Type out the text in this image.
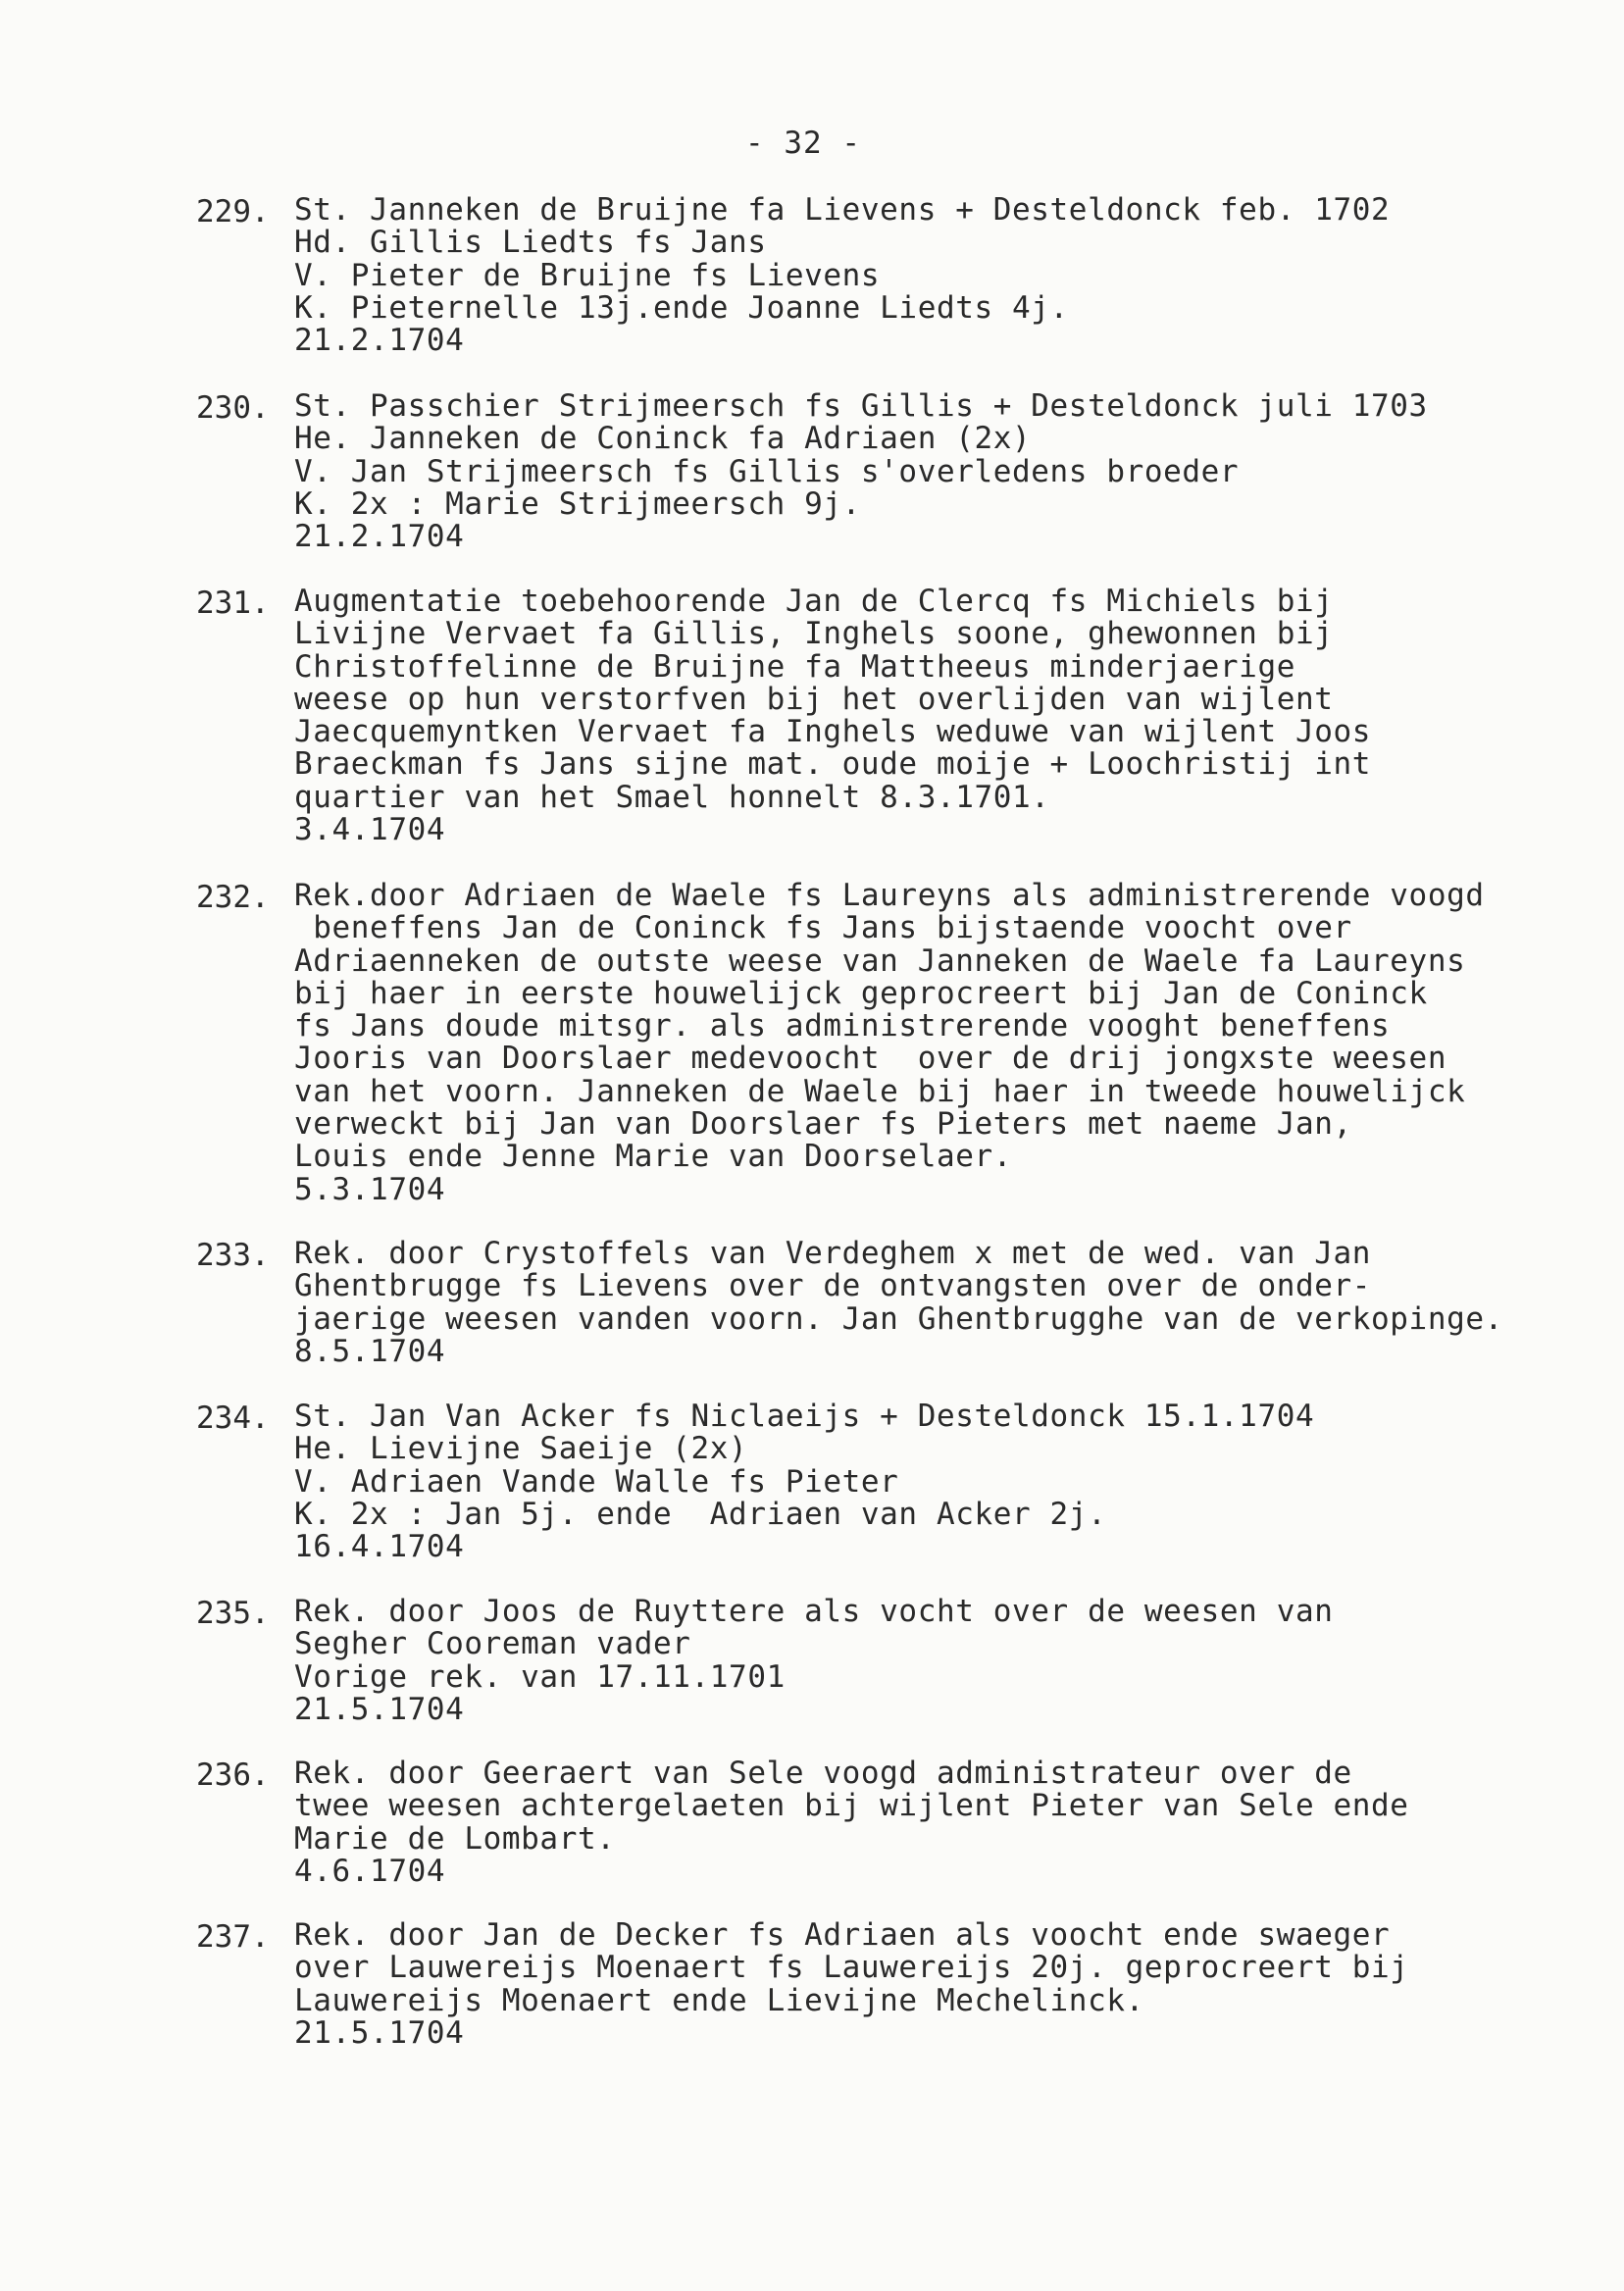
- 32 -
229. St. Janneken de Bruijne fa Lievens + Desteldonck feb. 1702
Hd. Gillis Liedts fs Jans
V. Pieter de Bruijne fs Lievens
K. Pieternelle 13j.ende Joanne Liedts 4j.
21.2.1704
230. St. Passchier Strijmeersch fs Gillis + Desteldonck juli 1703
He. Janneken de Coninck fa Adriaen (2x)
V. Jan Strijmeersch fs Gillis s'overledens broeder
K. 2x : Marie Strijmeersch 9j.
21.2.1704
231. Augmentatie toebehoorende Jan de Clercq fs Michiels bij
Livijne Vervaet fa Gillis, Inghels soone, ghewonnen bij
Christoffelinne de Bruijne fa Mattheeus minderjaerige
weese op hun verstorfven bij het overlijden van wijlent
Jaecquemyntken Vervaet fa Inghels weduwe van wijlent Joos
Braeckman fs Jans sijne mat. oude moije + Loochristij int
quartier van het Smael honnelt 8.3.1701.
3.4.1704
232. Rek.door Adriaen de Waele fs Laureyns als administrerende voogd
beneffens Jan de Coninck fs Jans bijstaende voocht over
Adriaenneken de outste weese van Janneken de Waele fa Laureyns
bij haer in eerste houwelijck geprocreert bij Jan de Coninck
fs Jans doude mitsgr. als administrerende vooght beneffens
Jooris van Doorslaer medevoocht  over de drij jongxste weesen
van het voorn. Janneken de Waele bij haer in tweede houwelijck
verweckt bij Jan van Doorslaer fs Pieters met naeme Jan,
Louis ende Jenne Marie van Doorselaer.
5.3.1704
233. Rek. door Crystoffels van Verdeghem x met de wed. van Jan
Ghentbrugge fs Lievens over de ontvangsten over de onder-
jaerige weesen vanden voorn. Jan Ghentbrugghe van de verkopinge.
8.5.1704
234. St. Jan Van Acker fs Niclaeijs + Desteldonck 15.1.1704
He. Lievijne Saeije (2x)
V. Adriaen Vande Walle fs Pieter
K. 2x : Jan 5j. ende  Adriaen van Acker 2j.
16.4.1704
235. Rek. door Joos de Ruyttere als vocht over de weesen van
Segher Cooreman vader
Vorige rek. van 17.11.1701
21.5.1704
236. Rek. door Geeraert van Sele voogd administrateur over de
twee weesen achtergelaeten bij wijlent Pieter van Sele ende
Marie de Lombart.
4.6.1704
237. Rek. door Jan de Decker fs Adriaen als voocht ende swaeger
over Lauwereijs Moenaert fs Lauwereijs 20j. geprocreert bij
Lauwereijs Moenaert ende Lievijne Mechelinck.
21.5.1704
